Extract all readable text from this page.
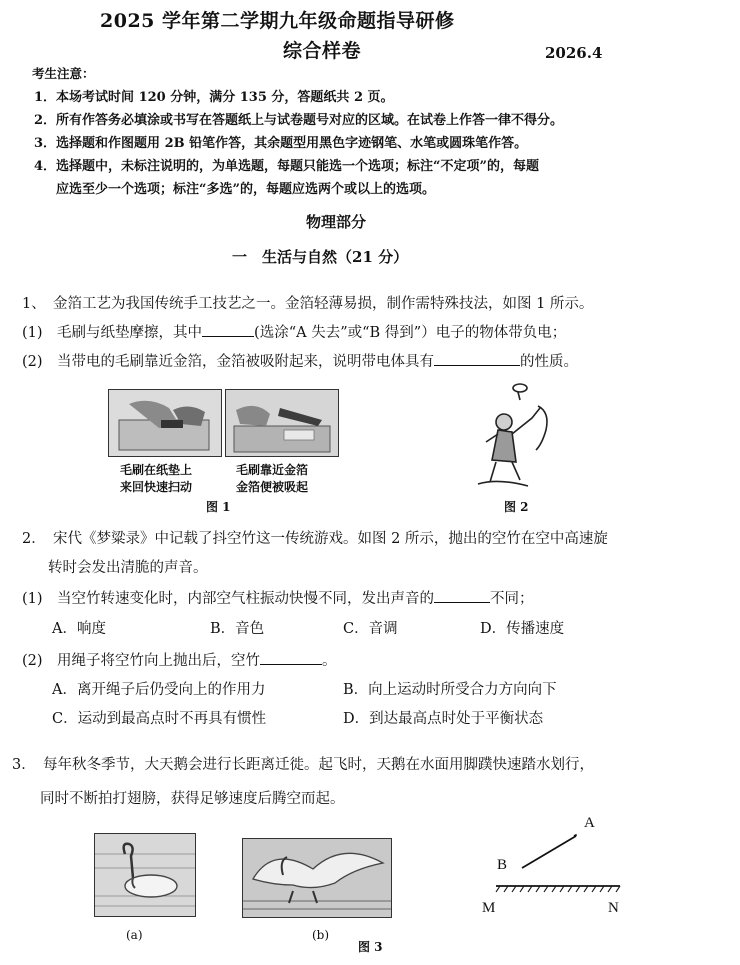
2025 学年第二学期九年级命题指导研修
综合样卷	2026.4
考生注意：
1．本场考试时间 120 分钟，满分 135 分，答题纸共 2 页。
2．所有作答务必填涂或书写在答题纸上与试卷题号对应的区域。在试卷上作答一律不得分。
3．选择题和作图题用 2B 铅笔作答，其余题型用黑色字迹钢笔、水笔或圆珠笔作答。
4．选择题中，未标注说明的，为单选题，每题只能选一个选项；标注“不定项”的，每题
应选至少一个选项；标注“多选”的，每题应选两个或以上的选项。
物理部分
一　生活与自然（21 分）
1、　金箔工艺为我国传统手工技艺之一。金箔轻薄易损，制作需特殊技法，如图 1 所示。
(1)　毛刷与纸垫摩擦，其中	(选涂“A 失去”或“B 得到”）电子的物体带负电；
(2)　当带电的毛刷靠近金箔，金箔被吸附起来，说明带电体具有	的性质。
毛刷在纸垫上
来回快速扫动
毛刷靠近金箔
金箔便被吸起
图 1	图 2
2．　宋代《梦粱录》中记载了抖空竹这一传统游戏。如图 2 所示，抛出的空竹在空中高速旋
转时会发出清脆的声音。
(1)　当空竹转速变化时，内部空气柱振动快慢不同，发出声音的	不同；
A．响度	B．音色	C．音调	D．传播速度
(2)　用绳子将空竹向上抛出后，空竹	。
A．离开绳子后仍受向上的作用力	B．向上运动时所受合力方向向下
C．运动到最高点时不再具有惯性	D．到达最高点时处于平衡状态
3．　每年秋冬季节，大天鹅会进行长距离迁徙。起飞时，天鹅在水面用脚蹼快速踏水划行，
同时不断拍打翅膀，获得足够速度后腾空而起。
(a)	(b)
图 3
A
B
M	N
